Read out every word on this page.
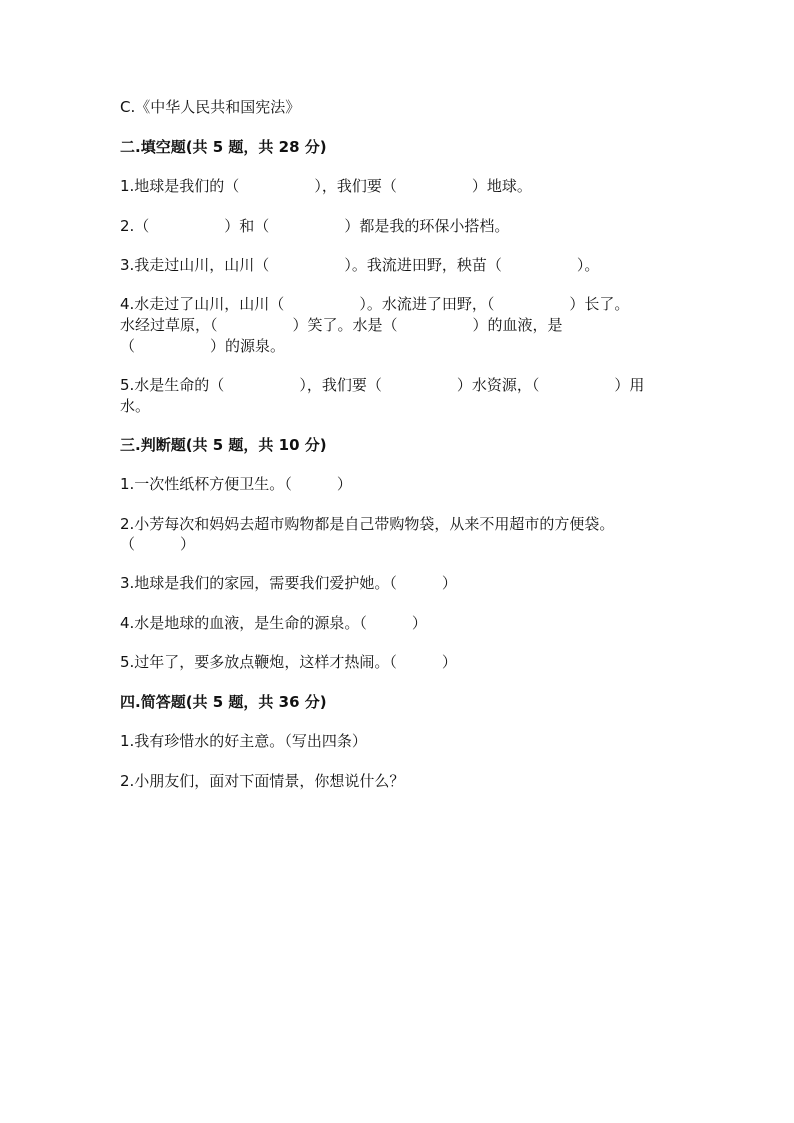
C.《中华人民共和国宪法》
二.填空题(共 5 题，共 28 分)
1.地球是我们的（　　　　　），我们要（　　　　　）地球。
2.（　　　　　）和（　　　　　）都是我的环保小搭档。
3.我走过山川，山川（　　　　　）。我流进田野，秧苗（　　　　　）。
4.水走过了山川，山川（　　　　　）。水流进了田野，（　　　　　）长了。
水经过草原，（　　　　　）笑了。水是（　　　　　）的血液，是
（　　　　　）的源泉。
5.水是生命的（　　　　　），我们要（　　　　　）水资源，（　　　　　）用
水。
三.判断题(共 5 题，共 10 分)
1.一次性纸杯方便卫生。（　　　）
2.小芳每次和妈妈去超市购物都是自己带购物袋，从来不用超市的方便袋。
（　　　）
3.地球是我们的家园，需要我们爱护她。（　　　）
4.水是地球的血液，是生命的源泉。（　　　）
5.过年了，要多放点鞭炮，这样才热闹。（　　　）
四.简答题(共 5 题，共 36 分)
1.我有珍惜水的好主意。（写出四条）
2.小朋友们，面对下面情景，你想说什么？
